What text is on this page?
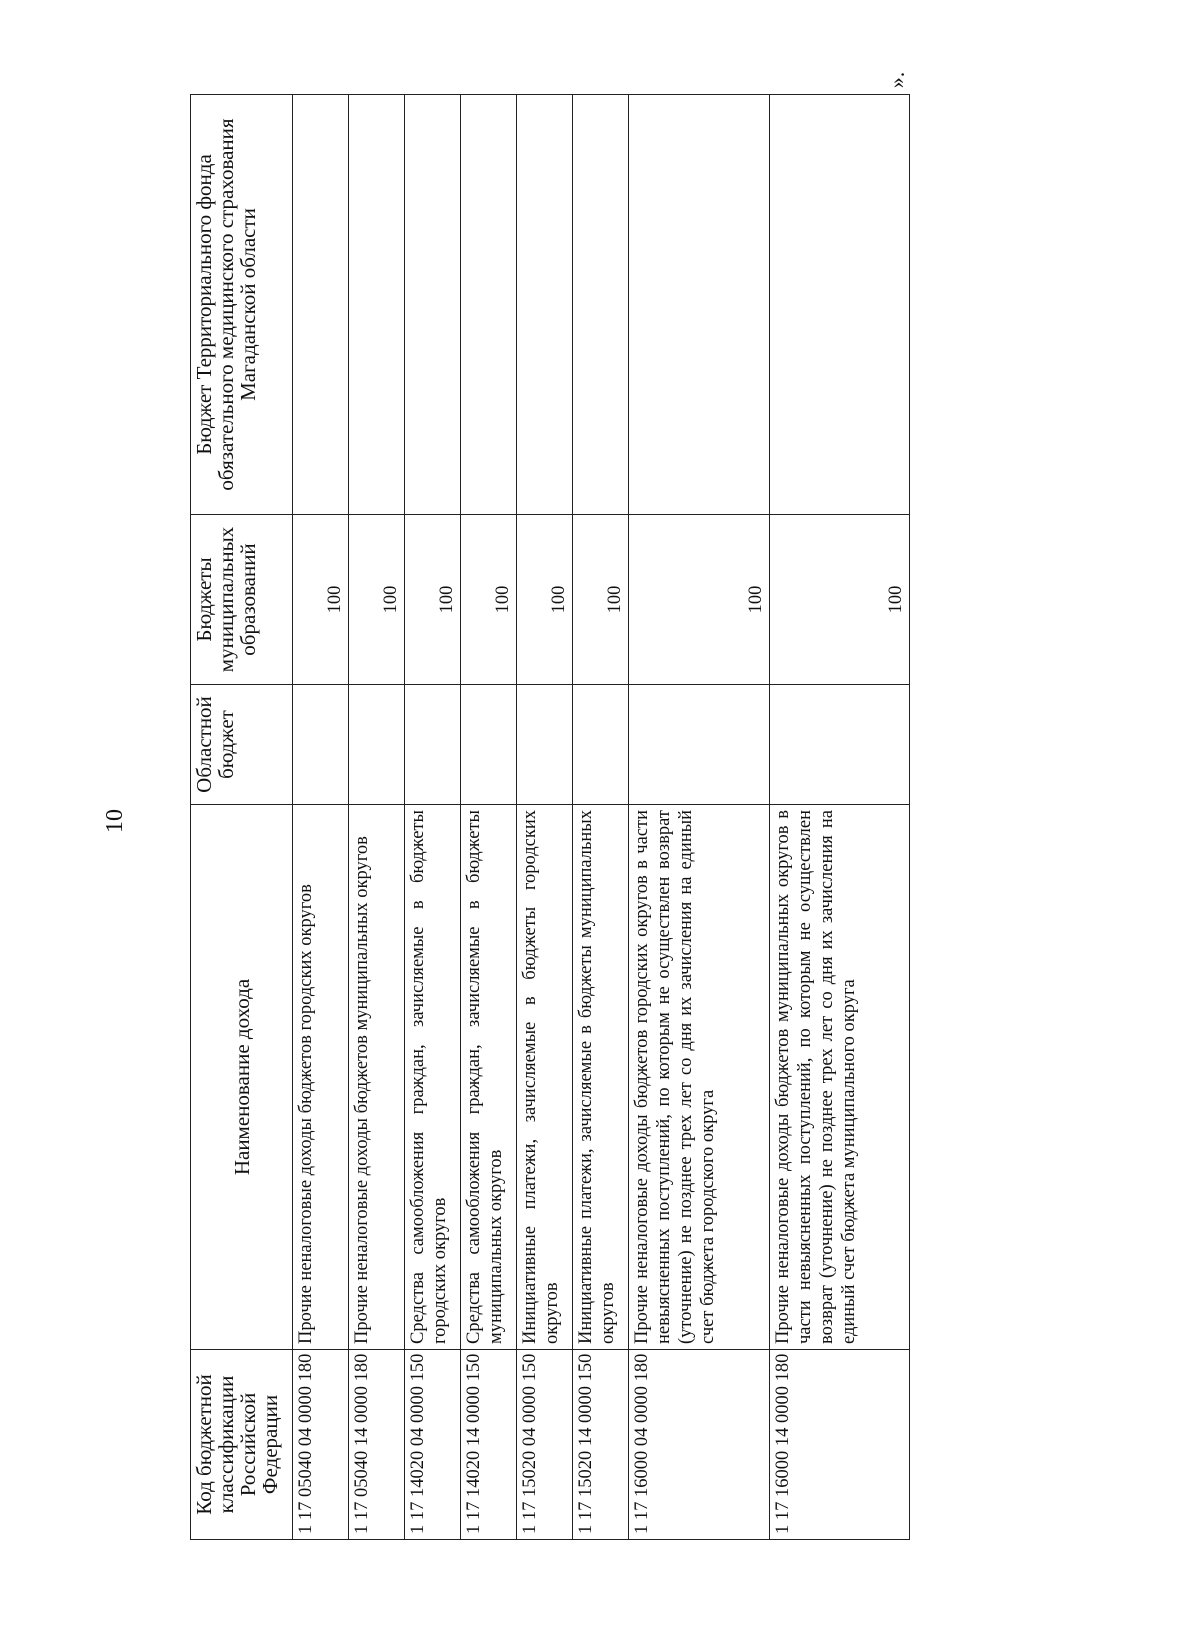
10
».
Код бюджетной классификации Российской Федерации	Наименование дохода	Областной бюджет	Бюджеты муниципальных образований	Бюджет Территориального фонда обязательного медицинского страхования Магаданской области
1 17 05040 04 0000 180	Прочие неналоговые доходы бюджетов городских округов		100	
1 17 05040 14 0000 180	Прочие неналоговые доходы бюджетов муниципальных округов		100	
1 17 14020 04 0000 150	Средства самообложения граждан, зачисляемые в бюджеты городских округов		100	
1 17 14020 14 0000 150	Средства самообложения граждан, зачисляемые в бюджеты муниципальных округов		100	
1 17 15020 04 0000 150	Инициативные платежи, зачисляемые в бюджеты городских округов		100	
1 17 15020 14 0000 150	Инициативные платежи, зачисляемые в бюджеты муниципальных округов		100	
1 17 16000 04 0000 180	Прочие неналоговые доходы бюджетов городских округов в части невыясненных поступлений, по которым не осуществлен возврат (уточнение) не позднее трех лет со дня их зачисления на единый счет бюджета городского округа		100	
1 17 16000 14 0000 180	Прочие неналоговые доходы бюджетов муниципальных округов в части невыясненных поступлений, по которым не осуществлен возврат (уточнение) не позднее трех лет со дня их зачисления на единый счет бюджета муниципального округа		100	
